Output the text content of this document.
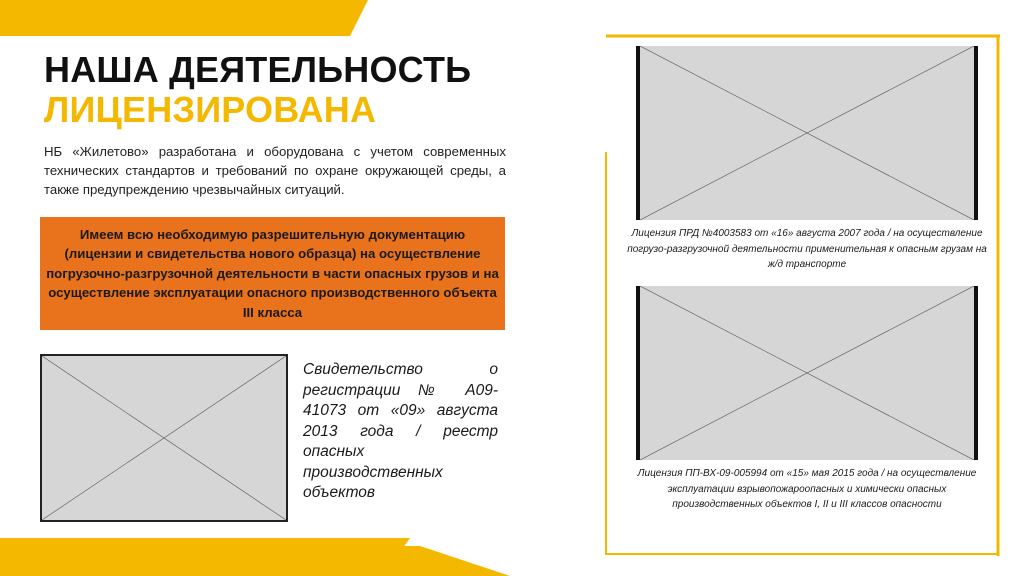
НАША ДЕЯТЕЛЬНОСТЬ
ЛИЦЕНЗИРОВАНА
НБ «Жилетово» разработана и оборудована с учетом современных технических стандартов и требований по охране окружающей среды, а также предупреждению чрезвычайных ситуаций.
Имеем всю необходимую разрешительную документацию (лицензии и свидетельства нового образца) на осуществление погрузочно-разгрузочной деятельности в части опасных грузов и на осуществление эксплуатации опасного производственного объекта III класса
Свидетельство о регистрации № А09-41073 от «09» августа 2013 года / реестр опасных производственных объектов
Лицензия ПРД №4003583 от «16» августа 2007 года / на осуществление погрузо-разгрузочной деятельности применительная к опасным грузам на ж/д транспорте
Лицензия ПП-ВХ-09-005994 от «15» мая 2015 года / на осуществление эксплуатации взрывопожароопасных и химически опасных производственных объектов I, II и III классов опасности
